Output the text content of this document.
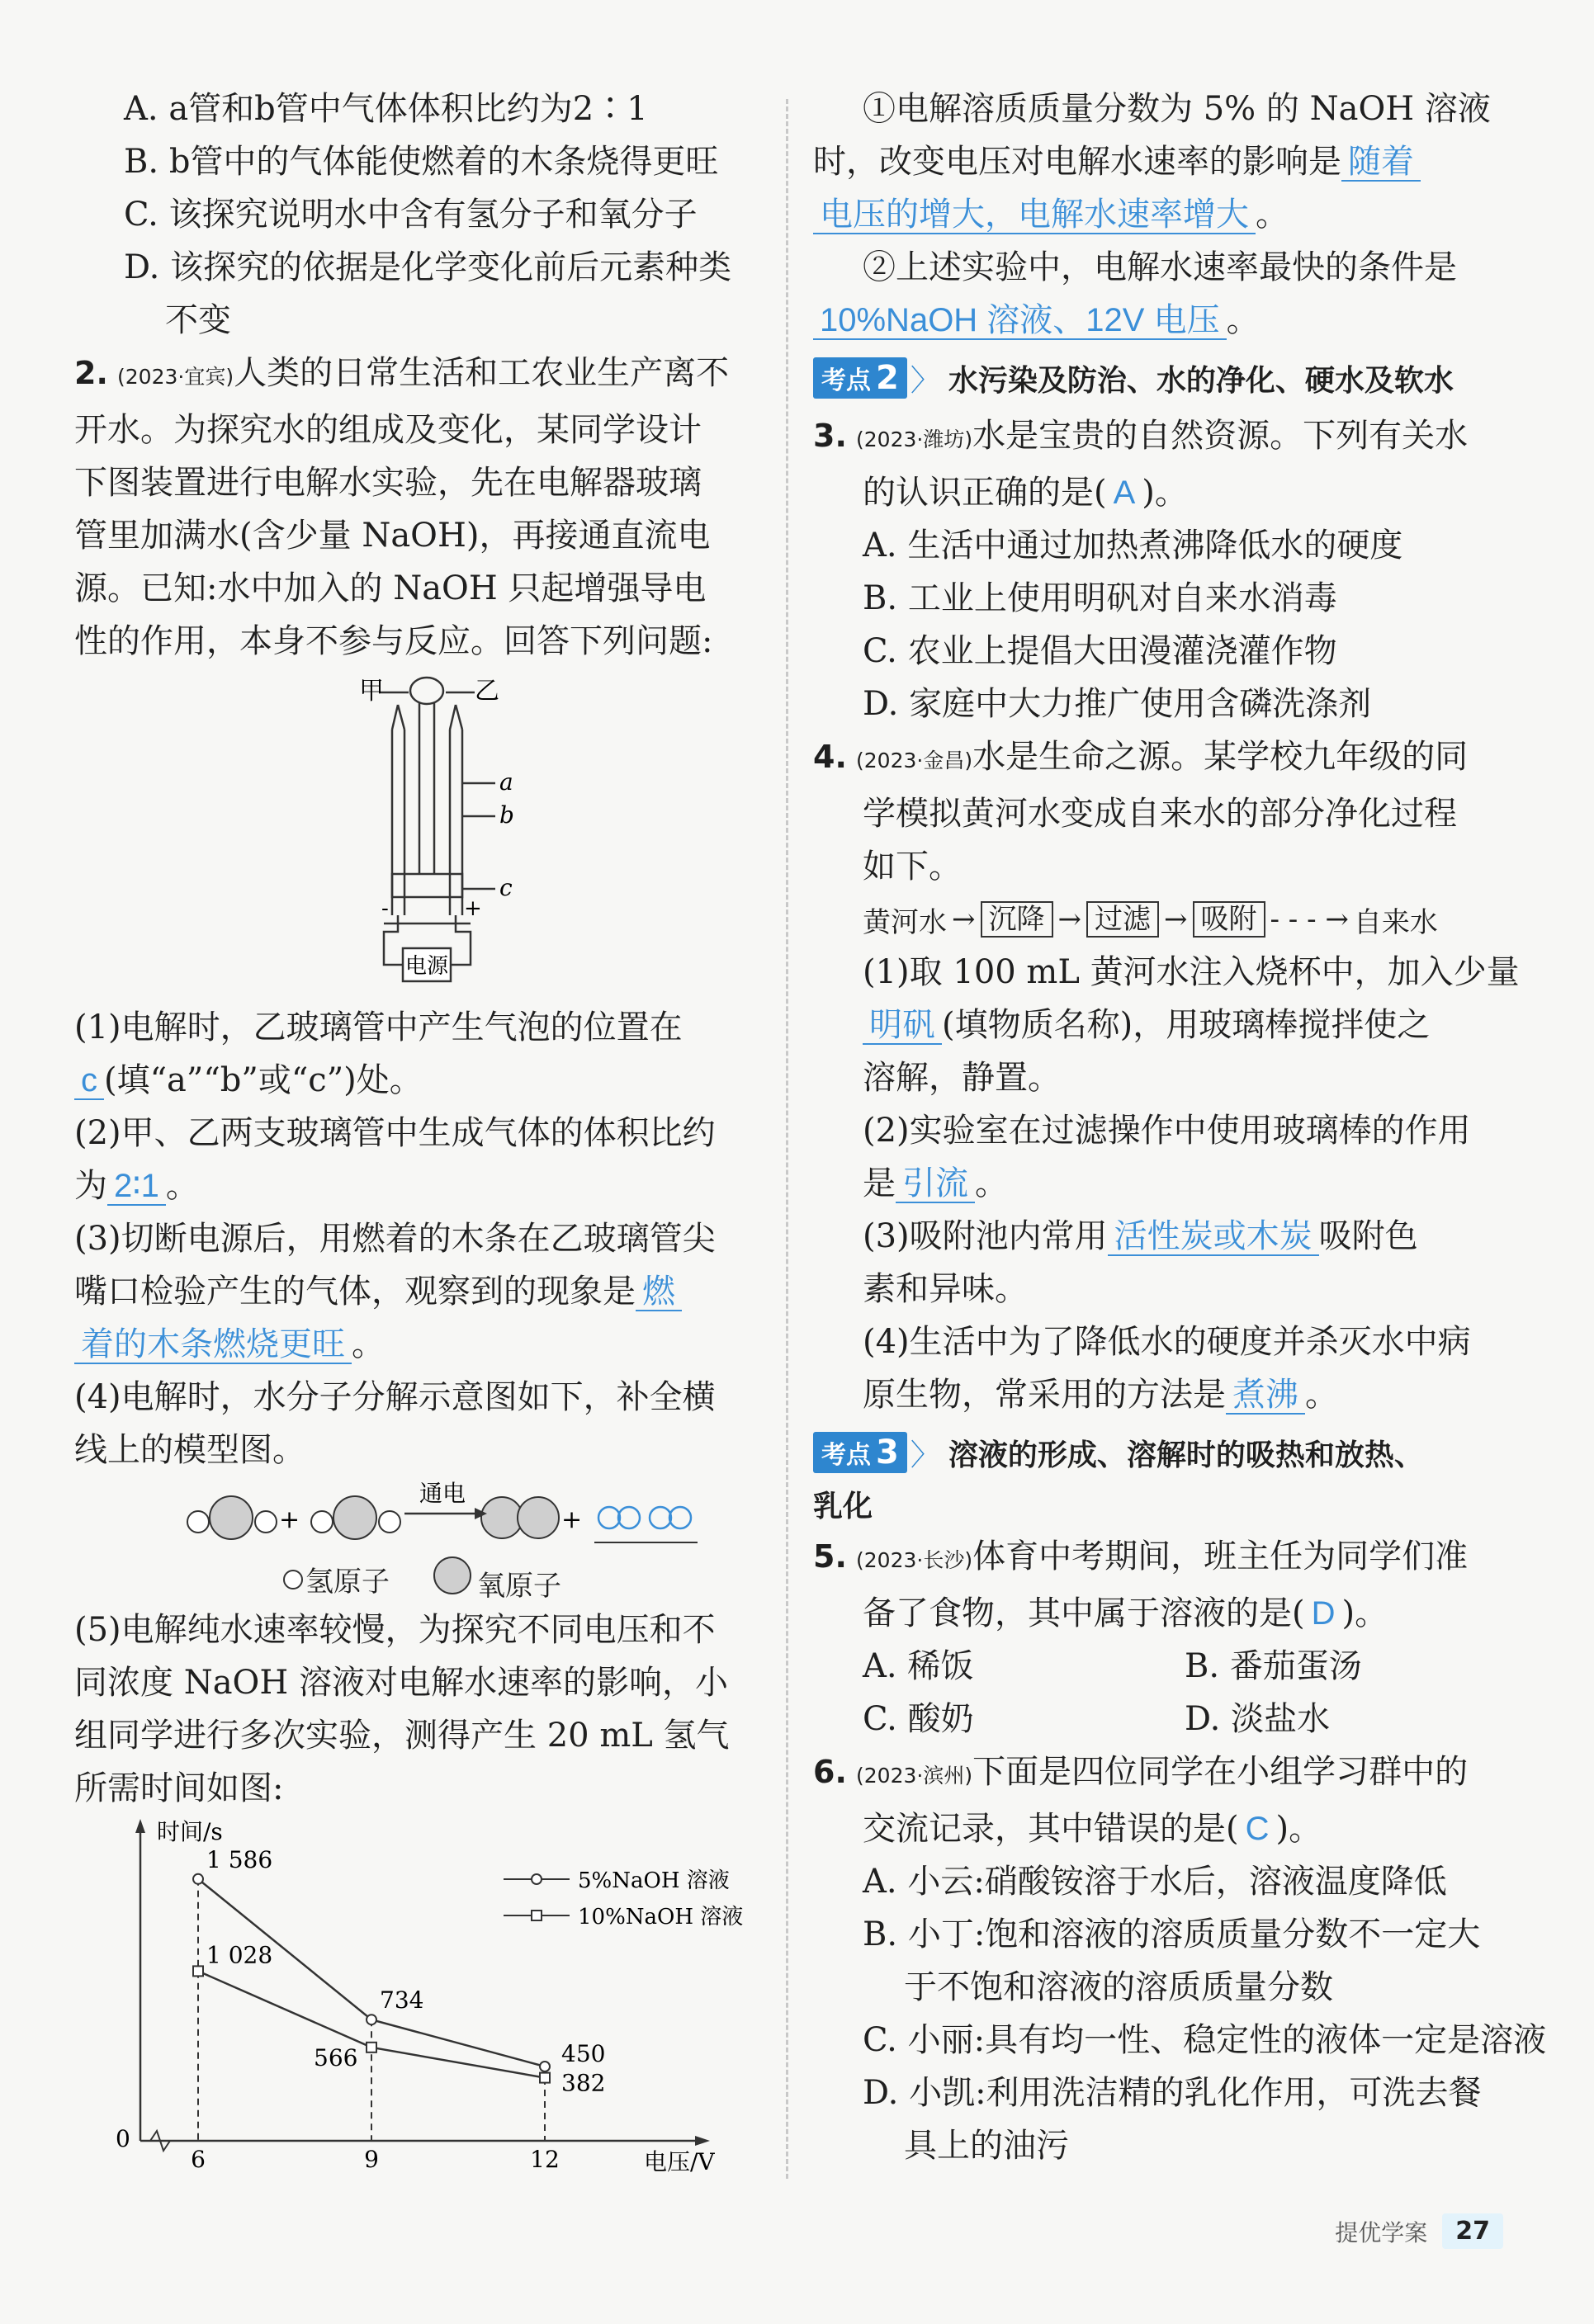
A. a管和b管中气体体积比约为2∶1
B. b管中的气体能使燃着的木条烧得更旺
C. 该探究说明水中含有氢分子和氧分子
D. 该探究的依据是化学变化前后元素种类
不变
2. (2023·宜宾)人类的日常生活和工农业生产离不
开水。为探究水的组成及变化，某同学设计
下图装置进行电解水实验，先在电解器玻璃
管里加满水(含少量 NaOH)，再接通直流电
源。已知:水中加入的 NaOH 只起增强导电
性的作用，本身不参与反应。回答下列问题:
电源
甲	乙
a
b
c
-	+
(1)电解时，乙玻璃管中产生气泡的位置在
c (填“a”“b”或“c”)处。
(2)甲、乙两支玻璃管中生成气体的体积比约
为 2∶1 。
(3)切断电源后，用燃着的木条在乙玻璃管尖
嘴口检验产生的气体，观察到的现象是 燃
着的木条燃烧更旺 。
(4)电解时，水分子分解示意图如下，补全横
线上的模型图。
+	+
通电
氢原子	氧原子
(5)电解纯水速率较慢，为探究不同电压和不
同浓度 NaOH 溶液对电解水速率的影响，小
组同学进行多次实验，测得产生 20 mL 氢气
所需时间如图:
时间/s
电压/V
0
6	9	12
1 586
734
450
1 028
566
382
5%NaOH 溶液
10%NaOH 溶液
①电解溶质质量分数为 5% 的 NaOH 溶液
时，改变电压对电解水速率的影响是 随着
电压的增大，电解水速率增大 。
②上述实验中，电解水速率最快的条件是
10%NaOH 溶液、12V 电压 。
考点 2 〉 水污染及防治、水的净化、硬水及软水
3. (2023·潍坊)水是宝贵的自然资源。下列有关水
的认识正确的是( A )。
A. 生活中通过加热煮沸降低水的硬度
B. 工业上使用明矾对自来水消毒
C. 农业上提倡大田漫灌浇灌作物
D. 家庭中大力推广使用含磷洗涤剂
4. (2023·金昌)水是生命之源。某学校九年级的同
学模拟黄河水变成自来水的部分净化过程
如下。
黄河水 → 沉降 → 过滤 → 吸附 - - - → 自来水
(1)取 100 mL 黄河水注入烧杯中，加入少量
明矾 (填物质名称)，用玻璃棒搅拌使之
溶解，静置。
(2)实验室在过滤操作中使用玻璃棒的作用
是 引流 。
(3)吸附池内常用 活性炭或木炭 吸附色
素和异味。
(4)生活中为了降低水的硬度并杀灭水中病
原生物，常采用的方法是 煮沸 。
考点 3 〉 溶液的形成、溶解时的吸热和放热、
乳化
5. (2023·长沙)体育中考期间，班主任为同学们准
备了食物，其中属于溶液的是( D )。
A. 稀饭	B. 番茄蛋汤
C. 酸奶	D. 淡盐水
6. (2023·滨州)下面是四位同学在小组学习群中的
交流记录，其中错误的是( C )。
A. 小云:硝酸铵溶于水后，溶液温度降低
B. 小丁:饱和溶液的溶质质量分数不一定大
于不饱和溶液的溶质质量分数
C. 小丽:具有均一性、稳定性的液体一定是溶液
D. 小凯:利用洗洁精的乳化作用，可洗去餐
具上的油污
提优学案	27
